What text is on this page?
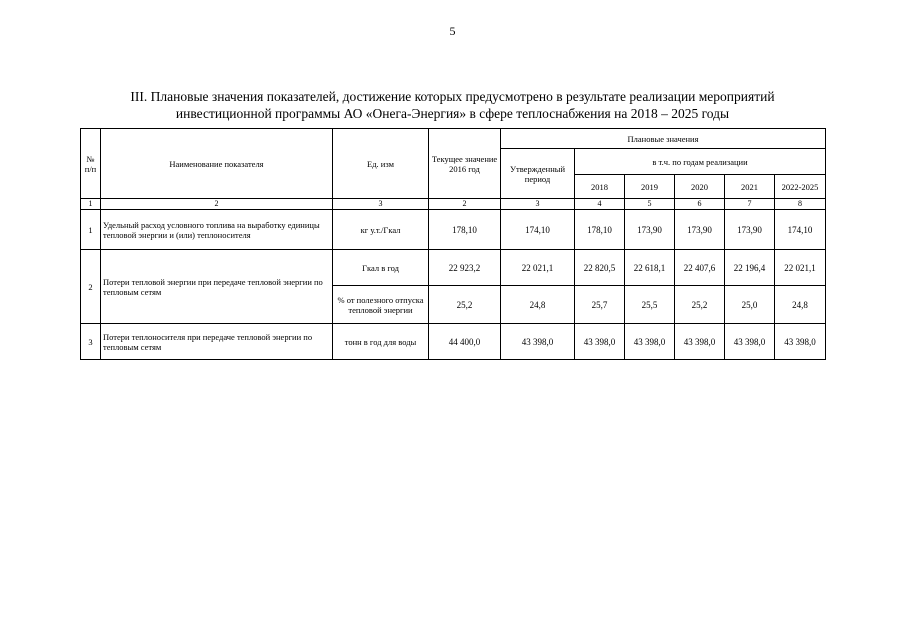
5
III. Плановые значения показателей, достижение которых предусмотрено в результате реализации мероприятий
инвестиционной программы АО «Онега-Энергия» в сфере теплоснабжения на 2018 – 2025 годы
№ п/п	Наименование показателя	Ед. изм	Текущее значение 2016 год	Плановые значения					
				Утвержденный период	в т.ч. по годам реализации				
					2018	2019	2020	2021	2022-2025
1	2	3	2	3	4	5	6	7	8
1	Удельный расход условного топлива на выработку единицы тепловой энергии и (или) теплоносителя	кг у.т./Гкал	178,10	174,10	178,10	173,90	173,90	173,90	174,10
2	Потери тепловой энергии при передаче тепловой энергии по тепловым сетям	Гкал в год	22 923,2	22 021,1	22 820,5	22 618,1	22 407,6	22 196,4	22 021,1
		% от полезного отпуска тепловой энергии	25,2	24,8	25,7	25,5	25,2	25,0	24,8
3	Потери теплоносителя при передаче тепловой энергии по тепловым сетям	тонн в год для воды	44 400,0	43 398,0	43 398,0	43 398,0	43 398,0	43 398,0	43 398,0
